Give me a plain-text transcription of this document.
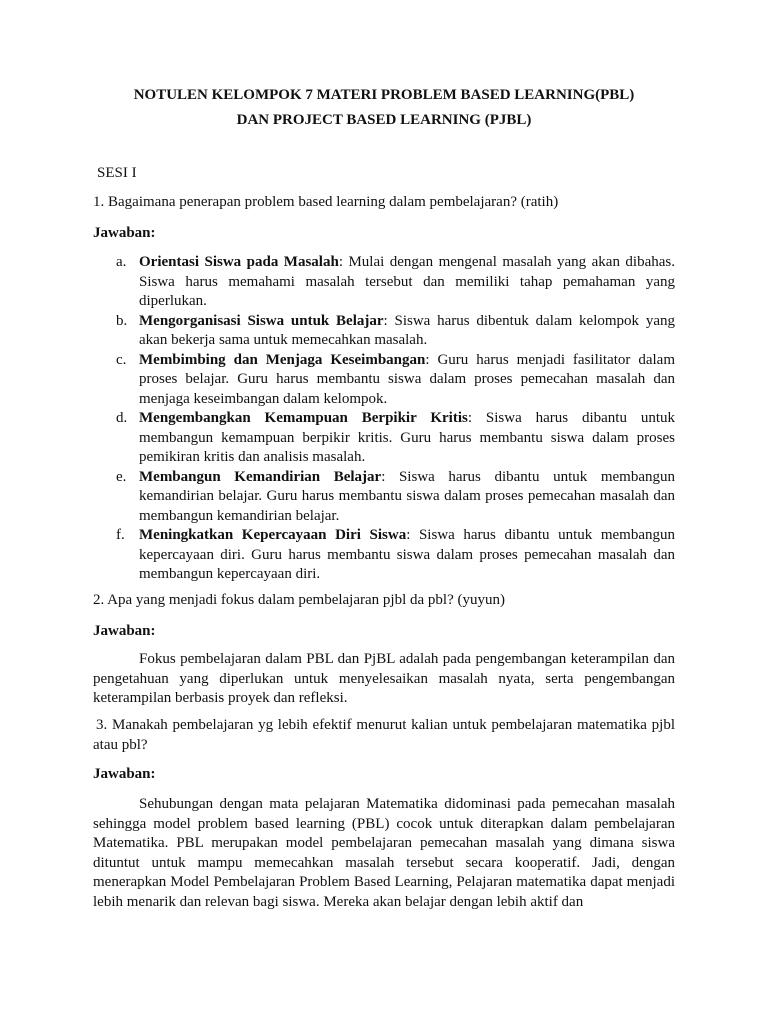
NOTULEN KELOMPOK 7 MATERI PROBLEM BASED LEARNING(PBL)
DAN PROJECT BASED LEARNING (PJBL)
SESI I
1. Bagaimana penerapan problem based learning dalam pembelajaran? (ratih)
Jawaban:
a. Orientasi Siswa pada Masalah: Mulai dengan mengenal masalah yang akan dibahas. Siswa harus memahami masalah tersebut dan memiliki tahap pemahaman yang diperlukan.
b. Mengorganisasi Siswa untuk Belajar: Siswa harus dibentuk dalam kelompok yang akan bekerja sama untuk memecahkan masalah.
c. Membimbing dan Menjaga Keseimbangan: Guru harus menjadi fasilitator dalam proses belajar. Guru harus membantu siswa dalam proses pemecahan masalah dan menjaga keseimbangan dalam kelompok.
d. Mengembangkan Kemampuan Berpikir Kritis: Siswa harus dibantu untuk membangun kemampuan berpikir kritis. Guru harus membantu siswa dalam proses pemikiran kritis dan analisis masalah.
e. Membangun Kemandirian Belajar: Siswa harus dibantu untuk membangun kemandirian belajar. Guru harus membantu siswa dalam proses pemecahan masalah dan membangun kemandirian belajar.
f. Meningkatkan Kepercayaan Diri Siswa: Siswa harus dibantu untuk membangun kepercayaan diri. Guru harus membantu siswa dalam proses pemecahan masalah dan membangun kepercayaan diri.
2. Apa yang menjadi fokus dalam pembelajaran pjbl da pbl? (yuyun)
Jawaban:

Fokus pembelajaran dalam PBL dan PjBL adalah pada pengembangan keterampilan dan pengetahuan yang diperlukan untuk menyelesaikan masalah nyata, serta pengembangan keterampilan berbasis proyek dan refleksi.

3. Manakah pembelajaran yg lebih efektif menurut kalian untuk pembelajaran matematika pjbl atau pbl?

Jawaban:

Sehubungan dengan mata pelajaran Matematika didominasi pada pemecahan masalah sehingga model problem based learning (PBL) cocok untuk diterapkan dalam pembelajaran Matematika. PBL merupakan model pembelajaran pemecahan masalah yang dimana siswa dituntut untuk mampu memecahkan masalah tersebut secara kooperatif. Jadi, dengan menerapkan Model Pembelajaran Problem Based Learning, Pelajaran matematika dapat menjadi lebih menarik dan relevan bagi siswa. Mereka akan belajar dengan lebih aktif dan
